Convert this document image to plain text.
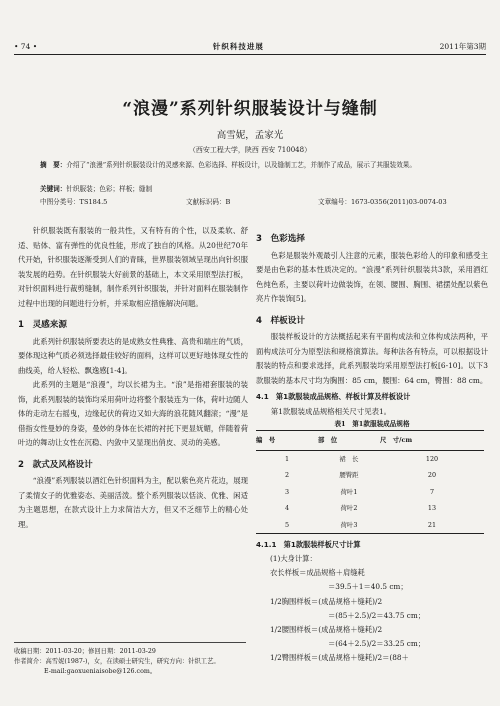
• 74 •	针织科技进展	2011年第3期
“浪漫”系列针织服装设计与缝制
高雪妮，孟家光
（西安工程大学，陕西 西安 710048）
摘　要：介绍了“浪漫”系列针织服装设计的灵感来源、色彩选择、样板设计，以及缝制工艺，并制作了成品，展示了其服装效果。
关键词：针织服装；色彩；样板；缝制
中图分类号：TS184.5	文献标识码：B	文章编号：1673-0356(2011)03-0074-03

针织服装既有服装的一般共性，又有特有的个性，以及柔软、舒适、贴体、富有弹性的优良性能，形成了独自的风格。从20世纪70年代开始，针织服装逐渐受到人们的青睐，世界服装领域呈现出向针织服装发展的趋势。在针织服装大好前景的基础上，本文采用原型法打板，对针织面料进行裁剪缝制，制作系列针织服装，并针对面料在服装制作过程中出现的问题进行分析，并采取相应措施解决问题。

1　灵感来源

此系列针织服装所要表达的是成熟女性典雅、高贵和端庄的气质，要体现这种气质必须选择最佳较好的面料，这样可以更好地体现女性的曲线美，给人轻松、飘逸感[1-4]。

此系列的主题是“浪漫”，均以长裙为主。“浪”是指裙套服装的装饰，此系列服装的装饰均采用荷叶边将整个服装连为一体，荷叶边随人体的走动左右摇曳，边缘起伏的荷边又如大海的浪花随风翻滚；“漫”是借指女性曼妙的身姿，曼妙的身体在长裙的衬托下更显妩媚，伴随着荷叶边的舞动让女性在沉稳、内敛中又显现出俏皮、灵动的美感。

2　款式及风格设计

“浪漫”系列服装以酒红色针织面料为主，配以紫色亮片花边，展现了柔情女子的优雅姿态、美丽活泼。整个系列服装以恬淡、优雅、闲适为主题思想，在款式设计上力求简洁大方，但又不乏细节上的精心处理。

3　色彩选择

色彩是服装外观最引人注意的元素，服装色彩给人的印象和感受主要是由色彩的基本性质决定的。“浪漫”系列针织服装共3款，采用酒红色纯色系，主要以荷叶边做装饰，在领、腰围、胸围、裙摆处配以紫色亮片作装饰[5]。

4　样板设计

服装样板设计的方法概括起来有平面构成法和立体构成法两种，平面构成法可分为原型法和规格演算法。每种法各有特点，可以根据设计服装的特点和要求选择，此系列服装均采用原型法打板[6-10]。以下3款服装的基本尺寸均为胸围：85 cm，腰围：64 cm，臀围：88 cm。

4.1　第1款服装成品规格、样板计算及样板设计

第1款服装成品规格相关尺寸见表1。

表1　第1款服装成品规格
编　号	部　位	尺　寸/cm
1	裙　长	120
2	腰臀距	20
3	荷叶1	7
4	荷叶2	13
5	荷叶3	21
4.1.1　第1款服装样板尺寸计算
(1)大身计算：
衣长样板＝成品规格＋肩缝耗
＝39.5＋1＝40.5 cm；
1/2胸围样板＝(成品规格＋缝耗)/2
＝(85＋2.5)/2＝43.75 cm；
1/2腰围样板＝(成品规格＋缝耗)/2
＝(64＋2.5)/2＝33.25 cm；
1/2臀围样板＝(成品规格＋缝耗)/2＝(88＋
收稿日期：2011-03-20；修回日期：2011-03-29
作者简介：高雪妮(1987-)，女，在读硕士研究生，研究方向：针织工艺。
E-mail:gaoxueniaisobe@126.com。
